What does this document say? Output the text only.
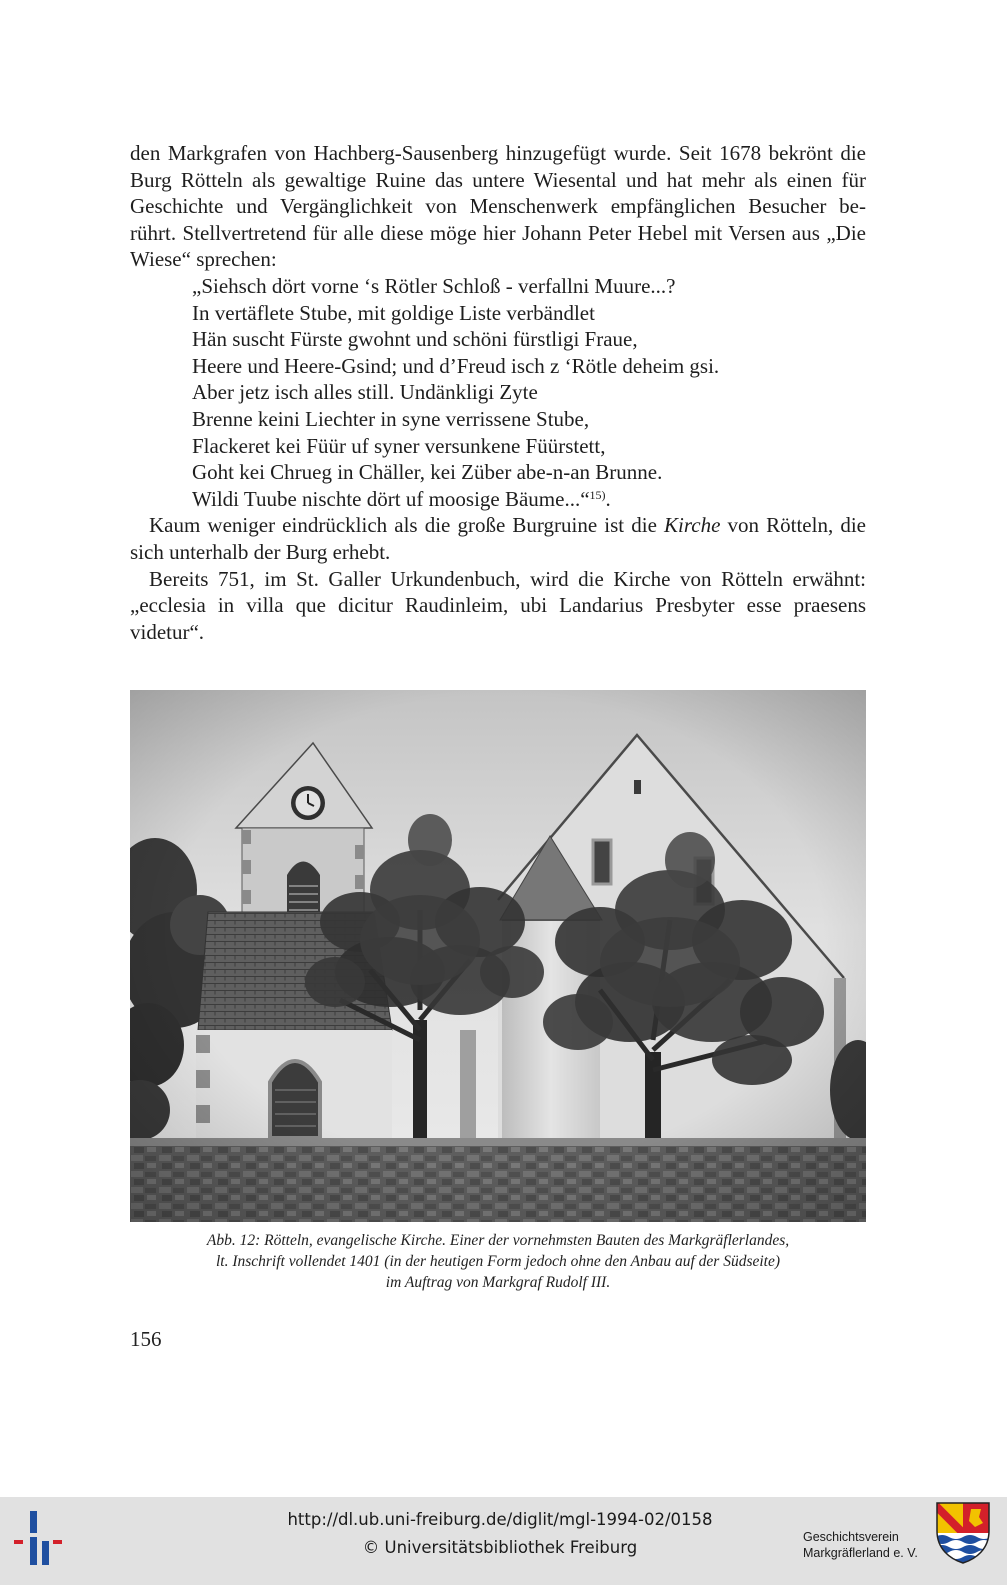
den Markgrafen von Hachberg-Sausenberg hinzugefügt wurde. Seit 1678 bekrönt die
Burg Rötteln als gewaltige Ruine das untere Wiesental und hat mehr als einen für
Geschichte und Vergänglichkeit von Menschenwerk empfänglichen Besucher be-
rührt. Stellvertretend für alle diese möge hier Johann Peter Hebel mit Versen aus „Die
Wiese“ sprechen:
„Siehsch dört vorne ‘s Rötler Schloß - verfallni Muure...?
In vertäflete Stube, mit goldige Liste verbändlet
Hän suscht Fürste gwohnt und schöni fürstligi Fraue,
Heere und Heere-Gsind; und d’Freud isch z ‘Rötle deheim gsi.
Aber jetz isch alles still. Undänkligi Zyte
Brenne keini Liechter in syne verrissene Stube,
Flackeret kei Füür uf syner versunkene Füürstett,
Goht kei Chrueg in Chäller, kei Züber abe-n-an Brunne.
Wildi Tuube nischte dört uf moosige Bäume...“$^{15)}$.
Kaum weniger eindrücklich als die große Burgruine ist die Kirche von Rötteln, die
sich unterhalb der Burg erhebt.
Bereits 751, im St. Galler Urkundenbuch, wird die Kirche von Rötteln erwähnt:
„ecclesia in villa que dicitur Raudinleim, ubi Landarius Presbyter esse praesens
videtur“.
Abb. 12: Rötteln, evangelische Kirche. Einer der vornehmsten Bauten des Markgräflerlandes,
lt. Inschrift vollendet 1401 (in der heutigen Form jedoch ohne den Anbau auf der Südseite)
im Auftrag von Markgraf Rudolf III.
156
http://dl.ub.uni-freiburg.de/diglit/mgl-1994-02/0158
© Universitätsbibliothek Freiburg
Geschichtsverein
Markgräflerland e. V.
